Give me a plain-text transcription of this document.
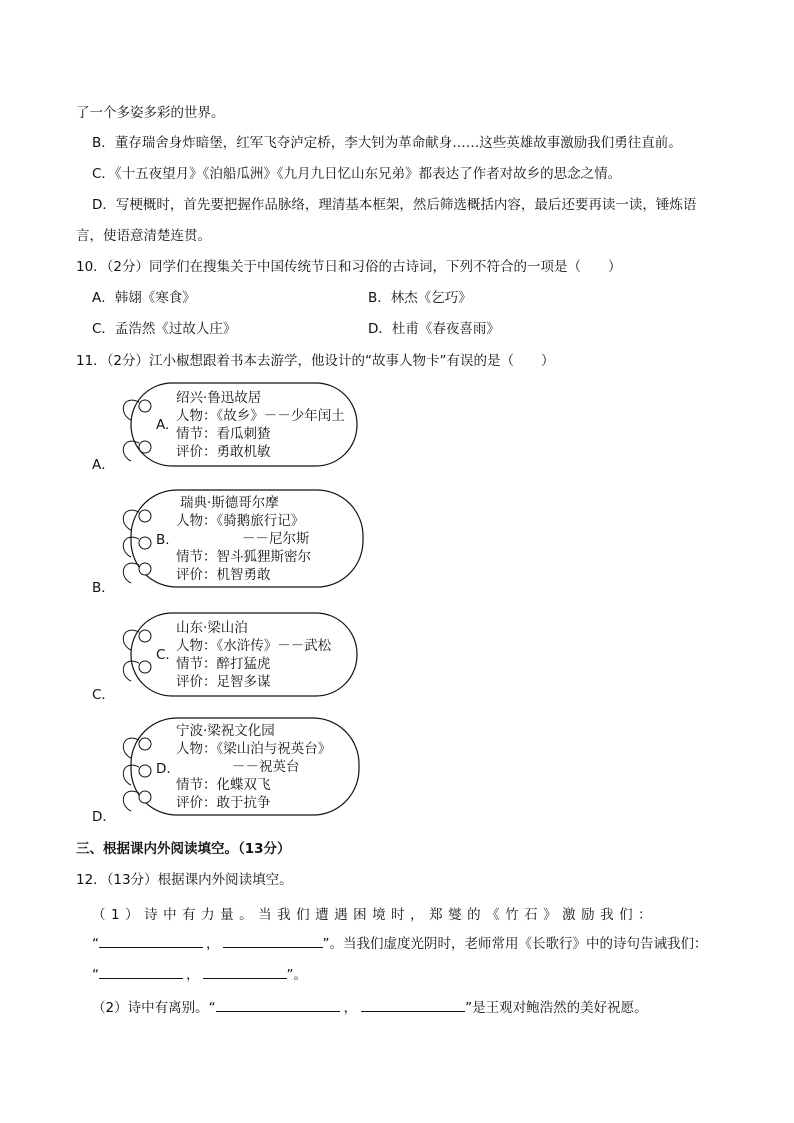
了一个多姿多彩的世界。
B．董存瑞舍身炸暗堡，红军飞夺泸定桥，李大钊为革命献身……这些英雄故事激励我们勇往直前。
C．《十五夜望月》《泊船瓜洲》《九月九日忆山东兄弟》都表达了作者对故乡的思念之情。
D．写梗概时，首先要把握作品脉络，理清基本框架，然后筛选概括内容，最后还要再读一读，锤炼语
言，使语意清楚连贯。
10．（2分）同学们在搜集关于中国传统节日和习俗的古诗词，下列不符合的一项是（　　）
A．韩翃《寒食》	B．林杰《乞巧》
C．孟浩然《过故人庄》	D．杜甫《春夜喜雨》
11．（2分）江小椒想跟着书本去游学，他设计的“故事人物卡”有误的是（　　）
绍兴·鲁迅故居
人物：《故乡》－－少年闰土
A.
情节：看瓜刺猹
评价：勇敢机敏
A．
瑞典·斯德哥尔摩
人物：《骑鹅旅行记》
B.	－－尼尔斯
情节：智斗狐狸斯密尔
评价：机智勇敢
B．
山东·梁山泊
人物：《水浒传》－－武松
C.
情节：醉打猛虎
评价：足智多谋
C．
宁波·梁祝文化园
人物：《梁山泊与祝英台》
D.	－－祝英台
情节：化蝶双飞
评价：敢于抗争
D．
三、根据课内外阅读填空。（13分）
12．（13分）根据课内外阅读填空。
（1）诗中有力量。当我们遭遇困境时，郑燮的《竹石》激励我们：
“	，	”。当我们虚度光阴时，老师常用《长歌行》中的诗句告诫我们：
“	，	”。
（2）诗中有离别。“	，	”是王观对鲍浩然的美好祝愿。
